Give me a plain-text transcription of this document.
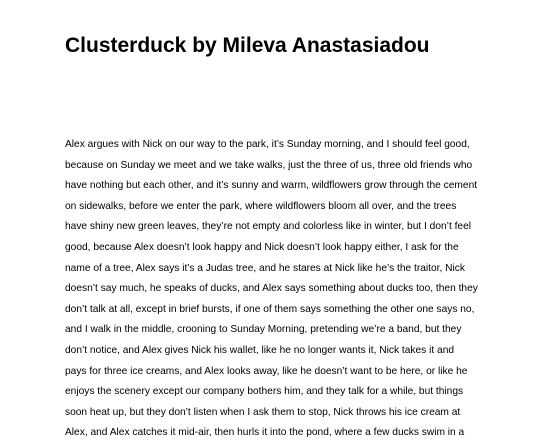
Clusterduck by Mileva Anastasiadou
Alex argues with Nick on our way to the park, it’s Sunday morning, and I should feel good,
because on Sunday we meet and we take walks, just the three of us, three old friends who
have nothing but each other, and it’s sunny and warm, wildflowers grow through the cement
on sidewalks, before we enter the park, where wildflowers bloom all over, and the trees
have shiny new green leaves, they’re not empty and colorless like in winter, but I don’t feel
good, because Alex doesn’t look happy and Nick doesn’t look happy either, I ask for the
name of a tree, Alex says it’s a Judas tree, and he stares at Nick like he’s the traitor, Nick
doesn’t say much, he speaks of ducks, and Alex says something about ducks too, then they
don’t talk at all, except in brief bursts, if one of them says something the other one says no,
and I walk in the middle, crooning to Sunday Morning, pretending we’re a band, but they
don’t notice, and Alex gives Nick his wallet, like he no longer wants it, Nick takes it and
pays for three ice creams, and Alex looks away, like he doesn’t want to be here, or like he
enjoys the scenery except our company bothers him, and they talk for a while, but things
soon heat up, but they don’t listen when I ask them to stop, Nick throws his ice cream at
Alex, and Alex catches it mid-air, then hurls it into the pond, where a few ducks swim in a
